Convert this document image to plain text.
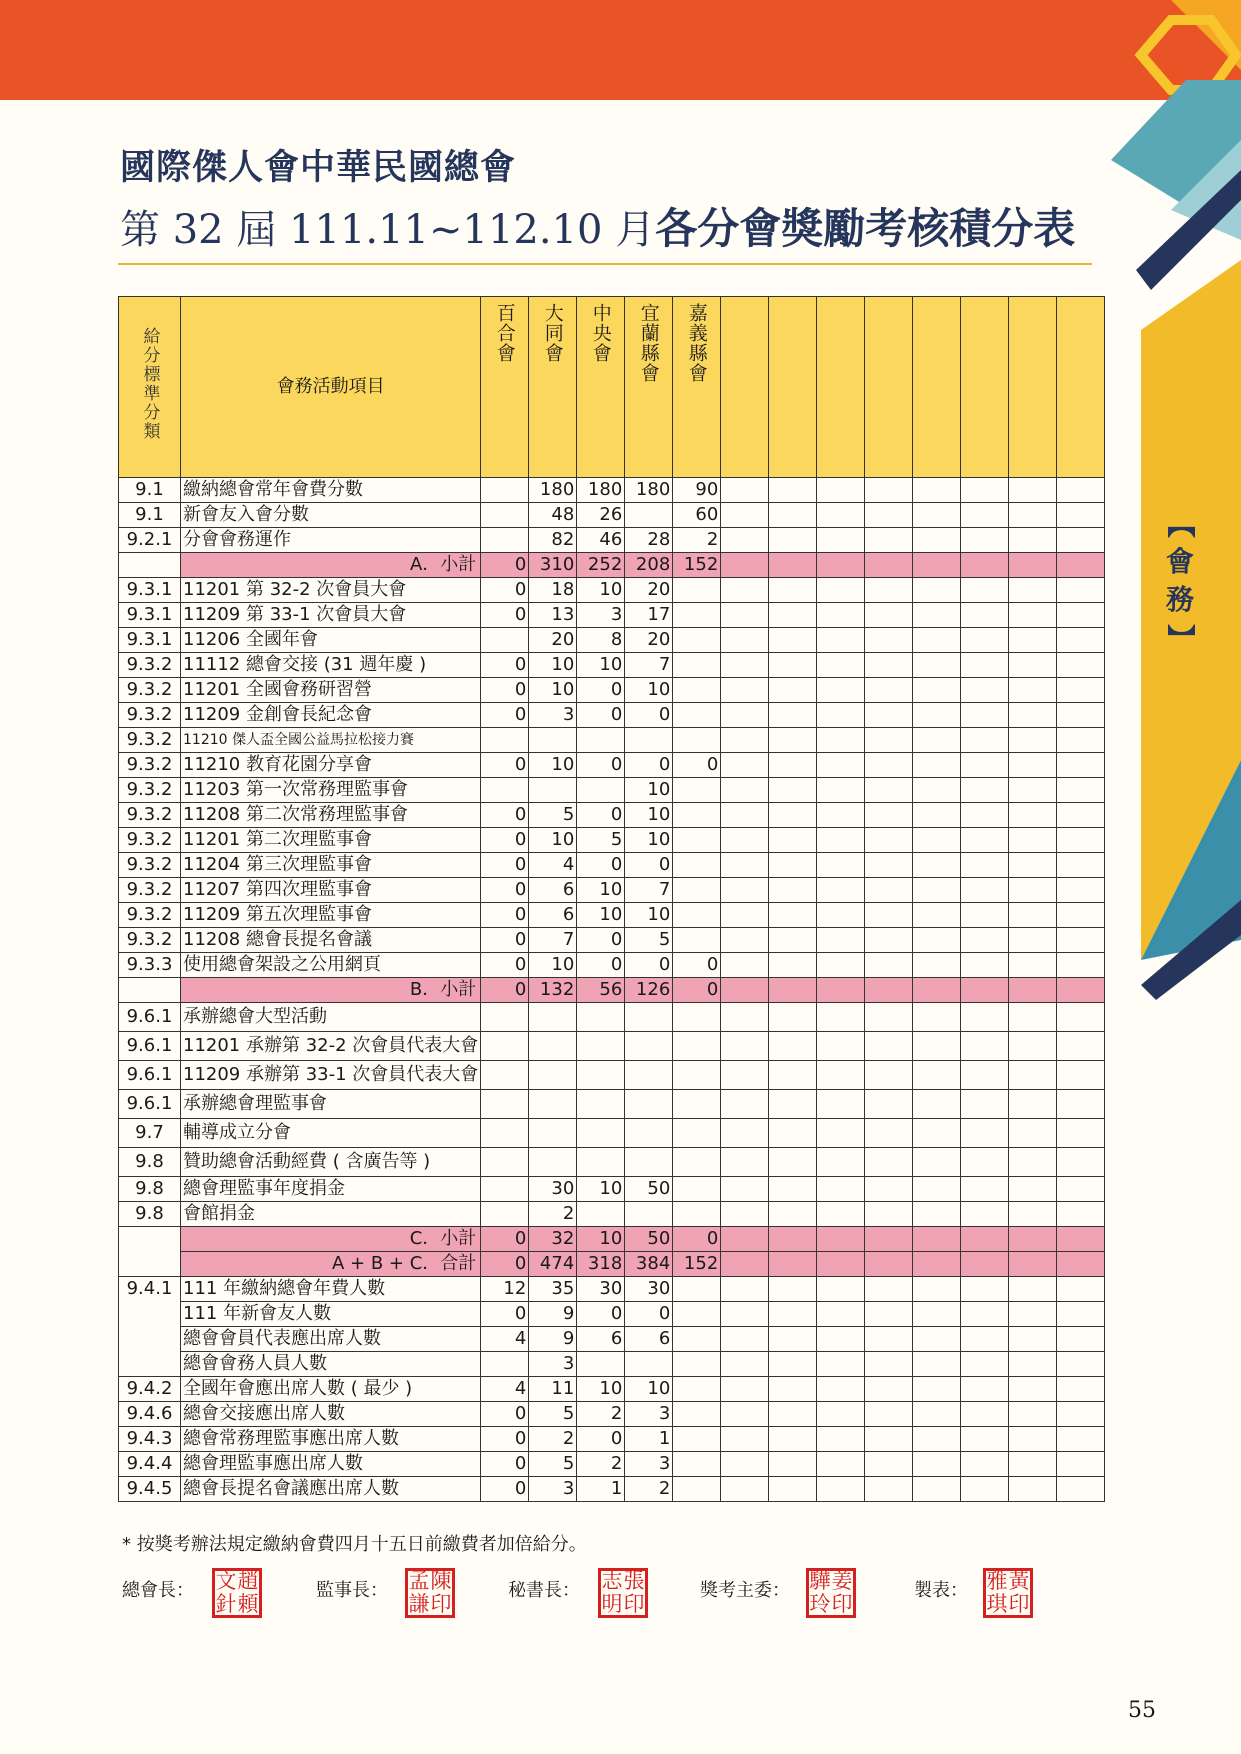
【
會
務
】
國際傑人會中華民國總會
第 32 屆 111.11~112.10 月各分會獎勵考核積分表
給分標準分類	會務活動項目	百合會	大同會	中央會	宜蘭縣會	嘉義縣會								

9.1	繳納總會常年會費分數		180	180	180	90								
9.1	新會友入會分數		48	26		60								
9.2.1	分會會務運作		82	46	28	2								
	A．小計	0	310	252	208	152								
9.3.1	11201 第 32-2 次會員大會	0	18	10	20									
9.3.1	11209 第 33-1 次會員大會	0	13	3	17									
9.3.1	11206 全國年會		20	8	20									
9.3.2	11112 總會交接 (31 週年慶 )	0	10	10	7									
9.3.2	11201 全國會務研習營	0	10	0	10									
9.3.2	11209 金創會長紀念會	0	3	0	0									
9.3.2	11210 傑人盃全國公益馬拉松接力賽													
9.3.2	11210 教育花園分享會	0	10	0	0	0								
9.3.2	11203 第一次常務理監事會				10									
9.3.2	11208 第二次常務理監事會	0	5	0	10									
9.3.2	11201 第二次理監事會	0	10	5	10									
9.3.2	11204 第三次理監事會	0	4	0	0									
9.3.2	11207 第四次理監事會	0	6	10	7									
9.3.2	11209 第五次理監事會	0	6	10	10									
9.3.2	11208 總會長提名會議	0	7	0	5									
9.3.3	使用總會架設之公用網頁	0	10	0	0	0								
	B．小計	0	132	56	126	0								
9.6.1	承辦總會大型活動													
9.6.1	11201 承辦第 32-2 次會員代表大會													
9.6.1	11209 承辦第 33-1 次會員代表大會													
9.6.1	承辦總會理監事會													
9.7	輔導成立分會													
9.8	贊助總會活動經費 ( 含廣告等 )													
9.8	總會理監事年度捐金		30	10	50									
9.8	會館捐金		2											
	C．小計	0	32	10	50	0								
	A + B + C．合計	0	474	318	384	152								
9.4.1	111 年繳納總會年費人數	12	35	30	30									
	111 年新會友人數	0	9	0	0									
	總會會員代表應出席人數	4	9	6	6									
	總會會務人員人數		3											
9.4.2	全國年會應出席人數 ( 最少 )	4	11	10	10									
9.4.6	總會交接應出席人數	0	5	2	3									
9.4.3	總會常務理監事應出席人數	0	2	0	1									
9.4.4	總會理監事應出席人數	0	5	2	3									
9.4.5	總會長提名會議應出席人數	0	3	1	2									
* 按獎考辦法規定繳納會費四月十五日前繳費者加倍給分。
總會長： 文 趙
針 頼
監事長： 孟 陳
謙 印
秘書長： 志 張
明 印
獎考主委： 驊 姜
玲 印
製表： 雅 黃
琪 印
55
